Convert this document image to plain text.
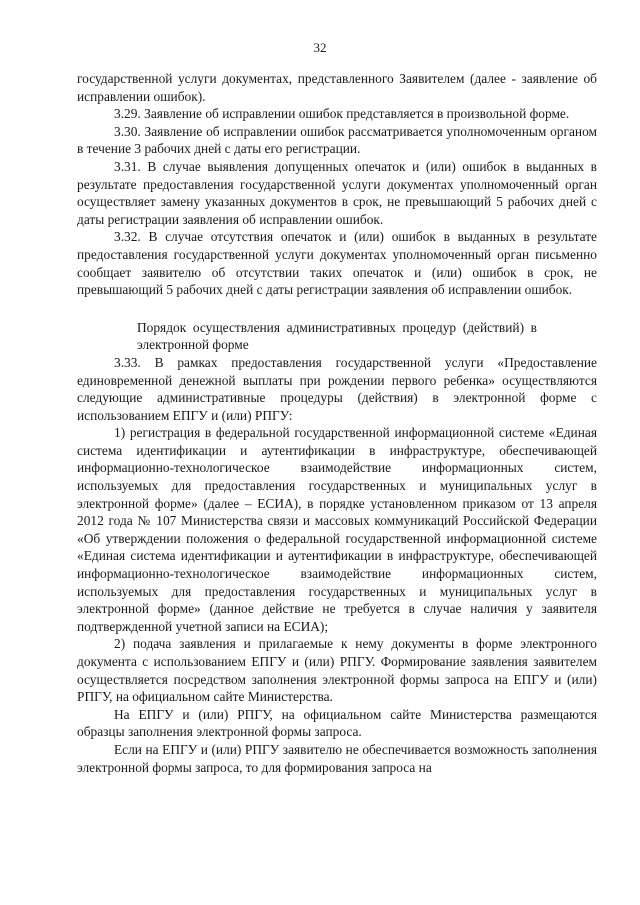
32

государственной услуги документах, представленного Заявителем (далее - заявление об исправлении ошибок).

3.29. Заявление об исправлении ошибок представляется в произвольной форме.

3.30. Заявление об исправлении ошибок рассматривается уполномоченным органом в течение 3 рабочих дней с даты его регистрации.

3.31. В случае выявления допущенных опечаток и (или) ошибок в выданных в результате предоставления государственной услуги документах уполномоченный орган осуществляет замену указанных документов в срок, не превышающий 5 рабочих дней с даты регистрации заявления об исправлении ошибок.

3.32. В случае отсутствия опечаток и (или) ошибок в выданных в результате предоставления государственной услуги документах уполномоченный орган письменно сообщает заявителю об отсутствии таких опечаток и (или) ошибок в срок, не превышающий 5 рабочих дней с даты регистрации заявления об исправлении ошибок.

Порядок осуществления административных процедур (действий) в электронной форме

3.33. В рамках предоставления государственной услуги «Предоставление единовременной денежной выплаты при рождении первого ребенка» осуществляются следующие административные процедуры (действия) в электронной форме с использованием ЕПГУ и (или) РПГУ:

1) регистрация в федеральной государственной информационной системе «Единая система идентификации и аутентификации в инфраструктуре, обеспечивающей информационно-технологическое взаимодействие информационных систем, используемых для предоставления государственных и муниципальных услуг в электронной форме» (далее – ЕСИА), в порядке установленном приказом от 13 апреля 2012 года № 107 Министерства связи и массовых коммуникаций Российской Федерации «Об утверждении положения о федеральной государственной информационной системе «Единая система идентификации и аутентификации в инфраструктуре, обеспечивающей информационно-технологическое взаимодействие информационных систем, используемых для предоставления государственных и муниципальных услуг в электронной форме» (данное действие не требуется в случае наличия у заявителя подтвержденной учетной записи на ЕСИА);

2) подача заявления и прилагаемые к нему документы в форме электронного документа с использованием ЕПГУ и (или) РПГУ. Формирование заявления заявителем осуществляется посредством заполнения электронной формы запроса на ЕПГУ и (или) РПГУ, на официальном сайте Министерства.

На ЕПГУ и (или) РПГУ, на официальном сайте Министерства размещаются образцы заполнения электронной формы запроса.

Если на ЕПГУ и (или) РПГУ заявителю не обеспечивается возможность заполнения электронной формы запроса, то для формирования запроса на
